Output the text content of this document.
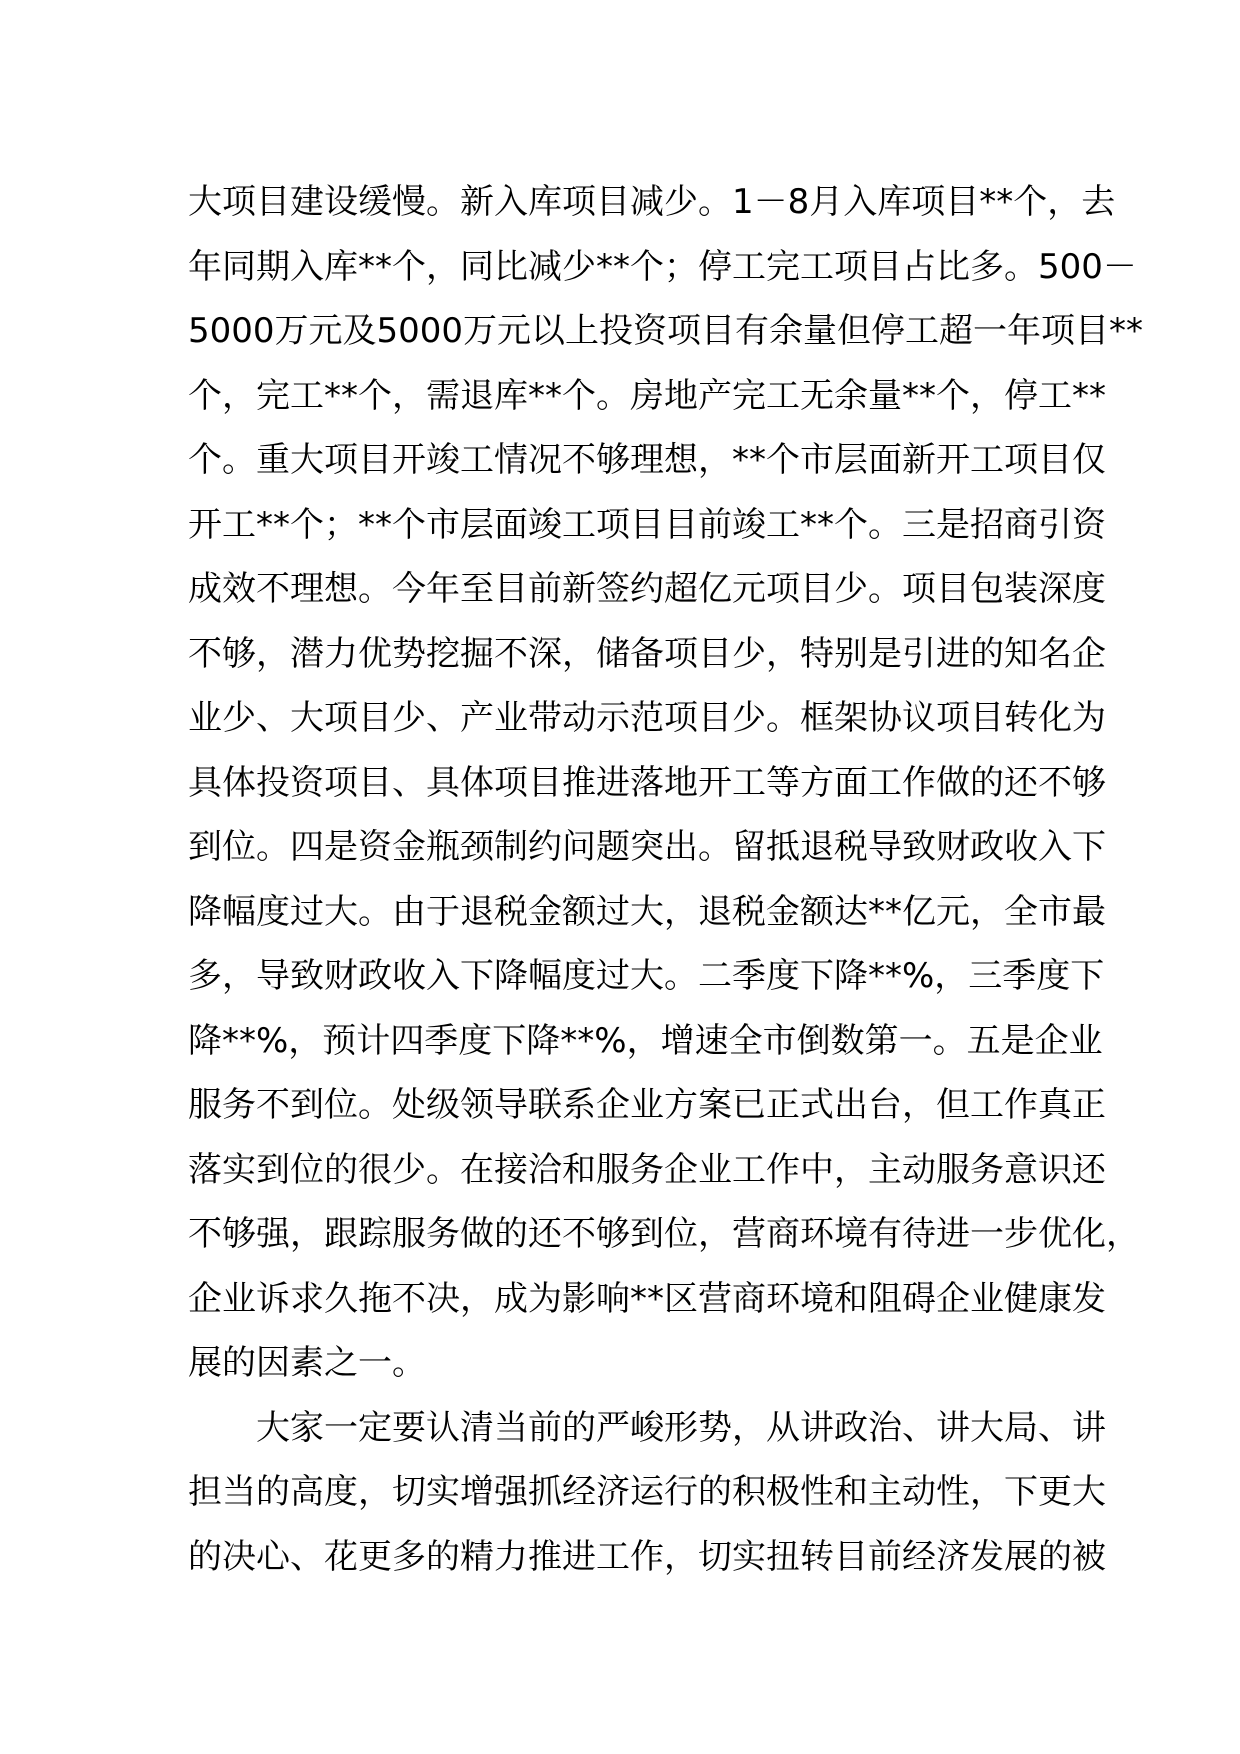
大项目建设缓慢。新入库项目减少。1－8月入库项目**个，去
年同期入库**个，同比减少**个；停工完工项目占比多。500－
5000万元及5000万元以上投资项目有余量但停工超一年项目**
个，完工**个，需退库**个。房地产完工无余量**个，停工**
个。重大项目开竣工情况不够理想，**个市层面新开工项目仅
开工**个；**个市层面竣工项目目前竣工**个。三是招商引资
成效不理想。今年至目前新签约超亿元项目少。项目包装深度
不够，潜力优势挖掘不深，储备项目少，特别是引进的知名企
业少、大项目少、产业带动示范项目少。框架协议项目转化为
具体投资项目、具体项目推进落地开工等方面工作做的还不够
到位。四是资金瓶颈制约问题突出。留抵退税导致财政收入下
降幅度过大。由于退税金额过大，退税金额达**亿元，全市最
多，导致财政收入下降幅度过大。二季度下降**%，三季度下
降**%，预计四季度下降**%，增速全市倒数第一。五是企业
服务不到位。处级领导联系企业方案已正式出台，但工作真正
落实到位的很少。在接洽和服务企业工作中，主动服务意识还
不够强，跟踪服务做的还不够到位，营商环境有待进一步优化，
企业诉求久拖不决，成为影响**区营商环境和阻碍企业健康发
展的因素之一。
大家一定要认清当前的严峻形势，从讲政治、讲大局、讲
担当的高度，切实增强抓经济运行的积极性和主动性，下更大
的决心、花更多的精力推进工作，切实扭转目前经济发展的被
